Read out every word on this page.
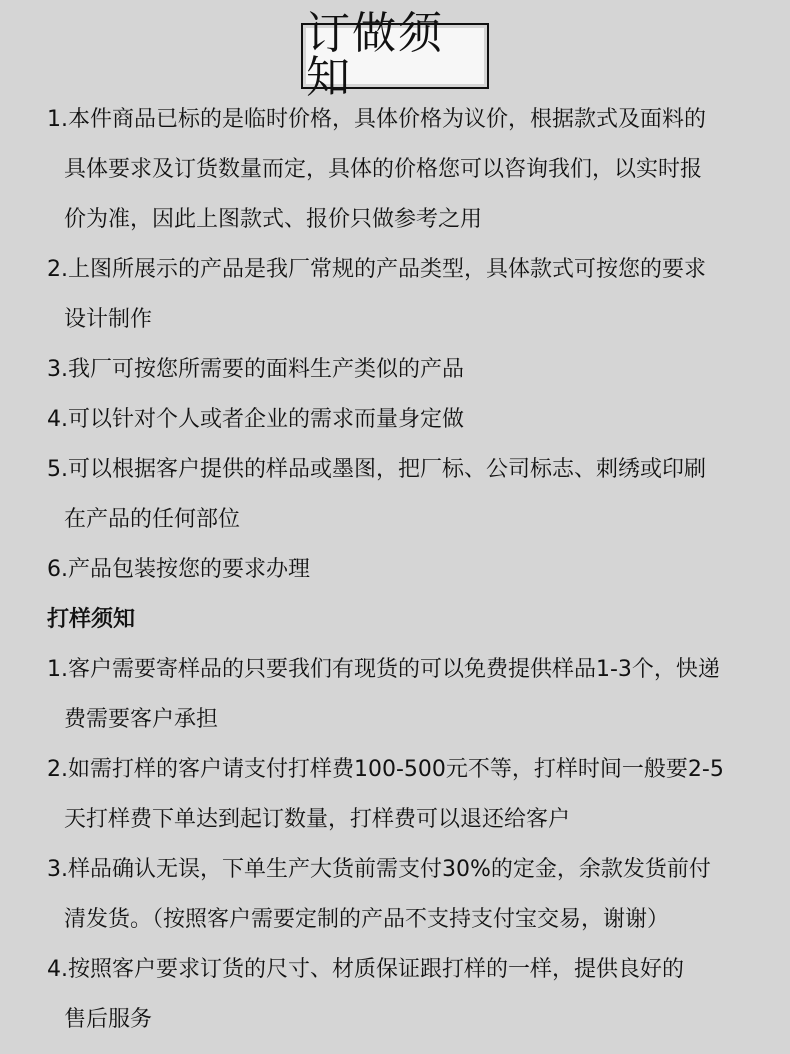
订做须知
1.本件商品已标的是临时价格，具体价格为议价，根据款式及面料的
具体要求及订货数量而定，具体的价格您可以咨询我们，以实时报
价为准，因此上图款式、报价只做参考之用
2.上图所展示的产品是我厂常规的产品类型，具体款式可按您的要求
设计制作
3.我厂可按您所需要的面料生产类似的产品
4.可以针对个人或者企业的需求而量身定做
5.可以根据客户提供的样品或墨图，把厂标、公司标志、刺绣或印刷
在产品的任何部位
6.产品包装按您的要求办理
打样须知
1.客户需要寄样品的只要我们有现货的可以免费提供样品1-3个，快递
费需要客户承担
2.如需打样的客户请支付打样费100-500元不等，打样时间一般要2-5
天打样费下单达到起订数量，打样费可以退还给客户
3.样品确认无误，下单生产大货前需支付30%的定金，余款发货前付
清发货。（按照客户需要定制的产品不支持支付宝交易，谢谢）
4.按照客户要求订货的尺寸、材质保证跟打样的一样，提供良好的
售后服务
